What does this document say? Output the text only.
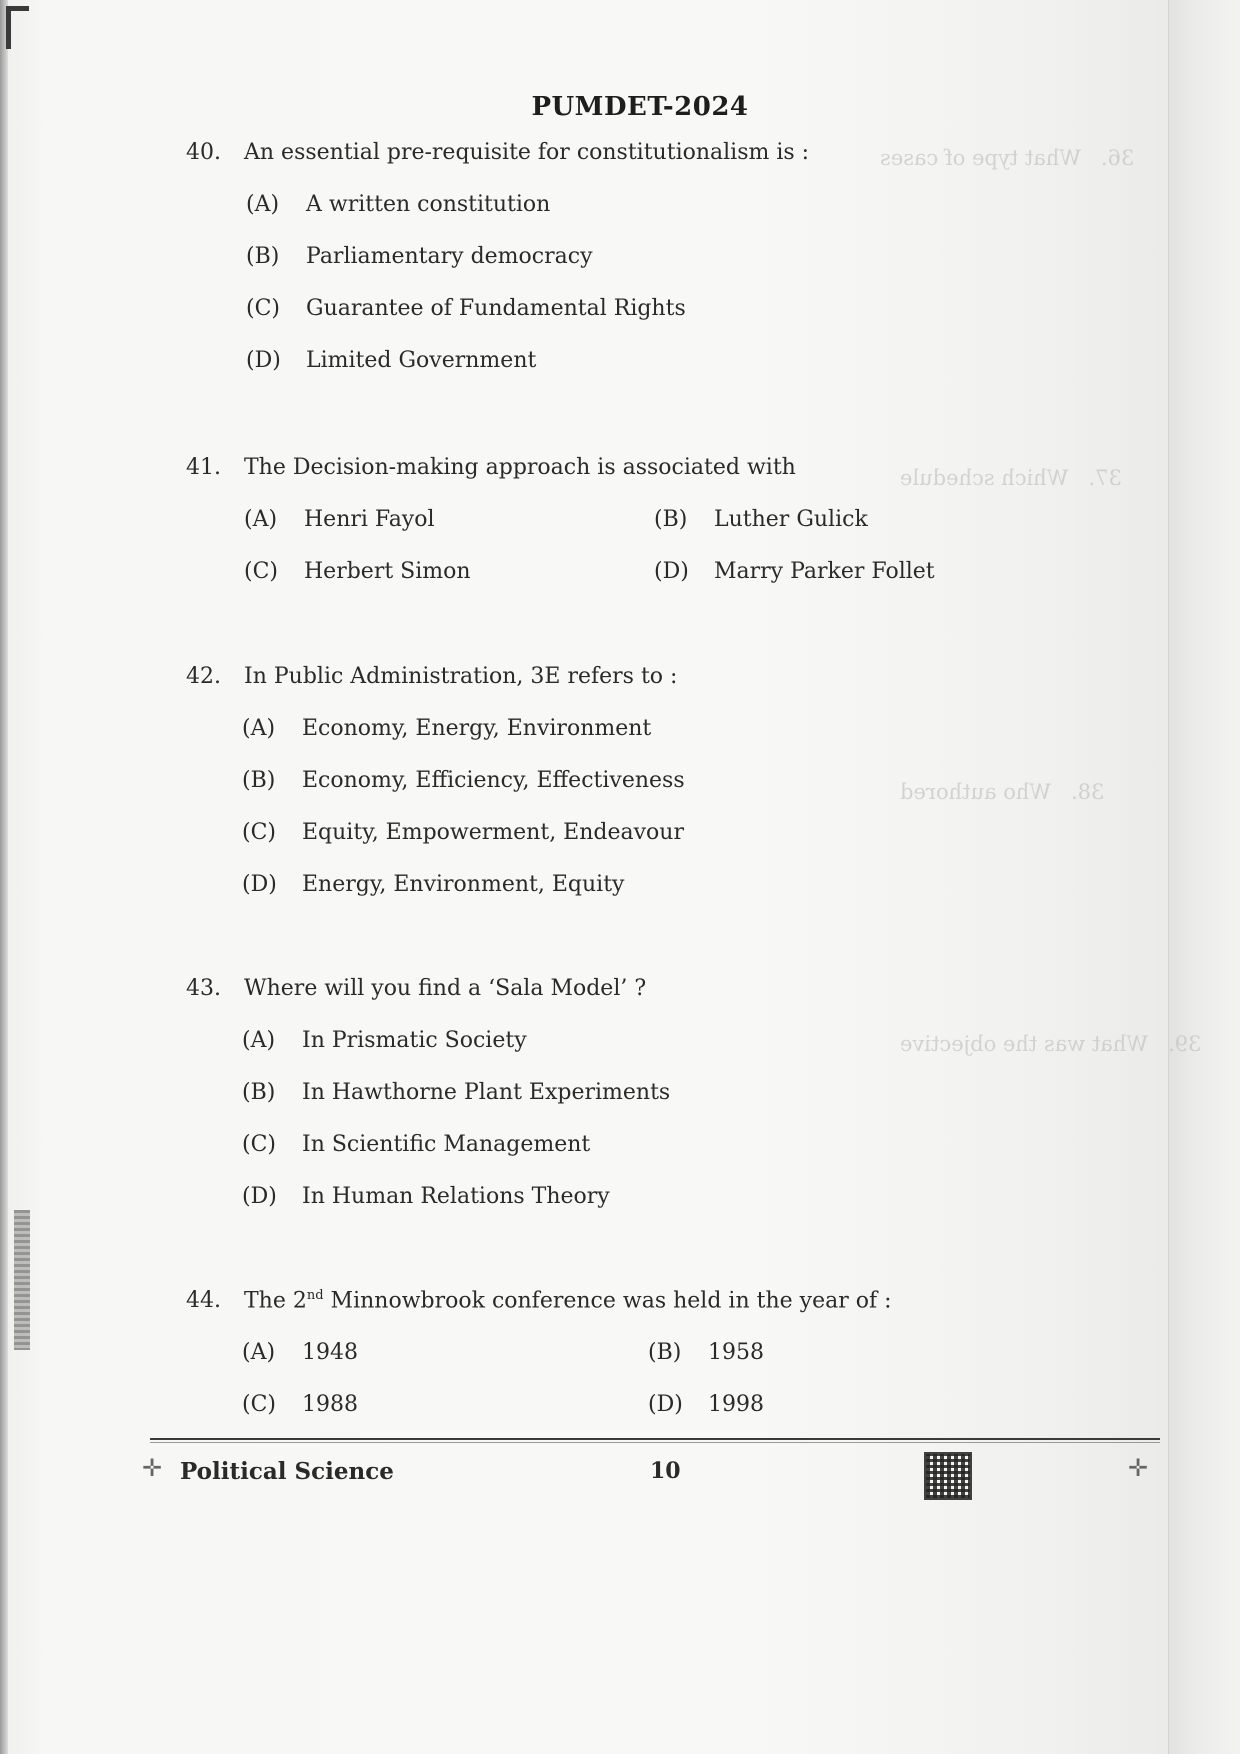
36.   What type of cases
37.   Which schedule
38.   Who authored
39.   What was the objective
PUMDET-2024
40.	An essential pre-requisite for constitutionalism is :
(A)	A written constitution
(B)	Parliamentary democracy
(C)	Guarantee of Fundamental Rights
(D)	Limited Government
41.	The Decision-making approach is associated with
(A)	Henri Fayol	(B)	Luther Gulick
(C)	Herbert Simon	(D)	Marry Parker Follet
42.	In Public Administration, 3E refers to :
(A)	Economy, Energy, Environment
(B)	Economy, Efficiency, Effectiveness
(C)	Equity, Empowerment, Endeavour
(D)	Energy, Environment, Equity
43.	Where will you find a ‘Sala Model’ ?
(A)	In Prismatic Society
(B)	In Hawthorne Plant Experiments
(C)	In Scientific Management
(D)	In Human Relations Theory
44.	The 2nd Minnowbrook conference was held in the year of :
(A)	1948	(B)	1958
(C)	1988	(D)	1998
✛ Political Science	10	✛
